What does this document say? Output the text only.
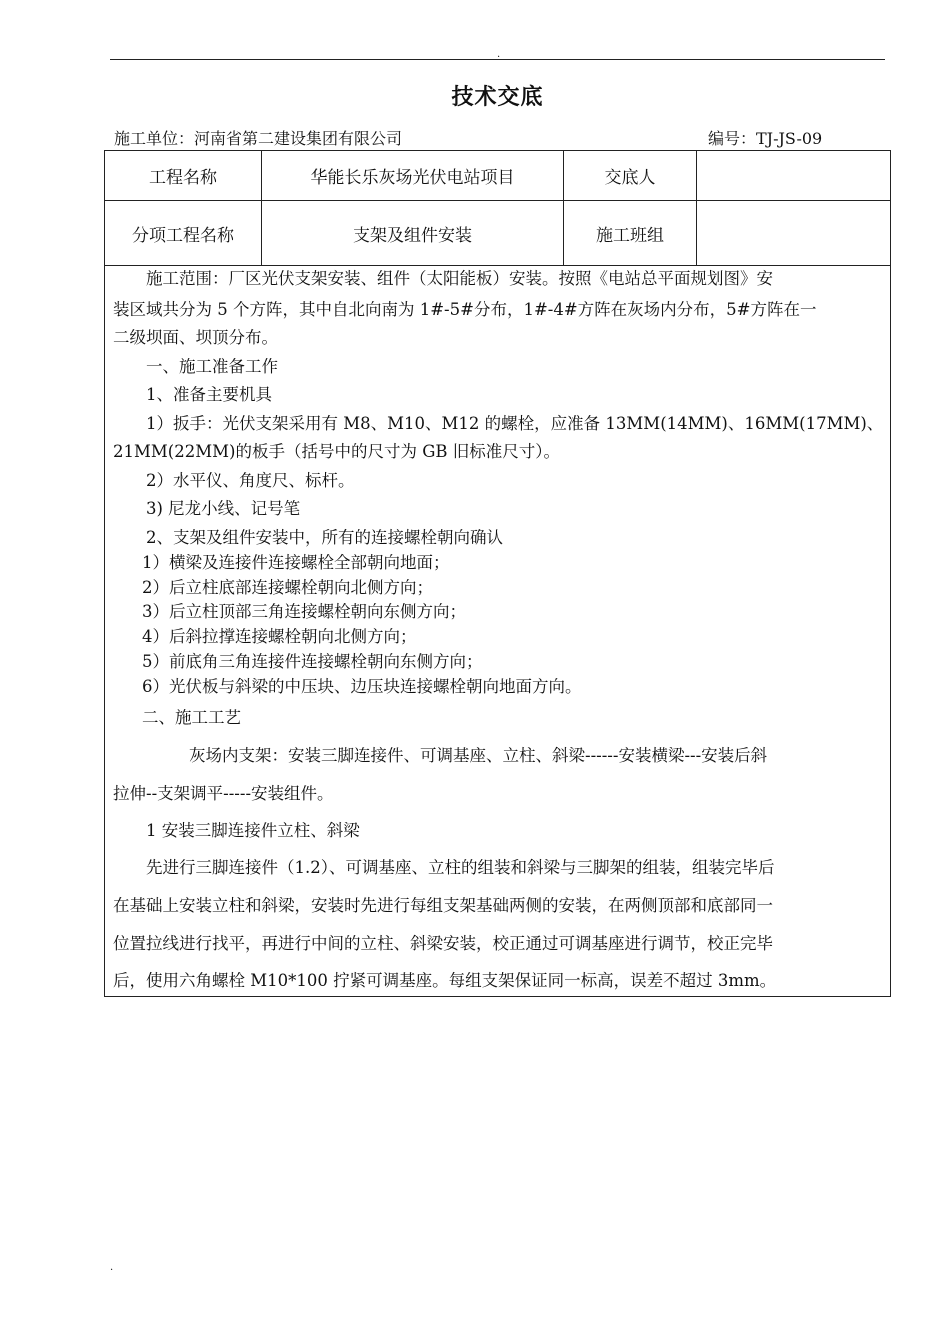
.
技术交底
施工单位：河南省第二建设集团有限公司	编号：TJ-JS-09
工程名称	华能长乐灰场光伏电站项目	交底人
分项工程名称	支架及组件安装	施工班组
施工范围：厂区光伏支架安装、组件（太阳能板）安装。按照《电站总平面规划图》安
装区域共分为 5 个方阵，其中自北向南为 1#-5#分布，1#-4#方阵在灰场内分布，5#方阵在一
二级坝面、坝顶分布。
一、施工准备工作
1、准备主要机具
1）扳手：光伏支架采用有 M8、M10、M12 的螺栓，应准备 13MM(14MM)、16MM(17MM)、
21MM(22MM)的板手（括号中的尺寸为 GB 旧标准尺寸）。
2）水平仪、角度尺、标杆。
3) 尼龙小线、记号笔
2、支架及组件安装中，所有的连接螺栓朝向确认
1）横梁及连接件连接螺栓全部朝向地面；
2）后立柱底部连接螺栓朝向北侧方向；
3）后立柱顶部三角连接螺栓朝向东侧方向；
4）后斜拉撑连接螺栓朝向北侧方向；
5）前底角三角连接件连接螺栓朝向东侧方向；
6）光伏板与斜梁的中压块、边压块连接螺栓朝向地面方向。
二、施工工艺
灰场内支架：安装三脚连接件、可调基座、立柱、斜梁------安装横梁---安装后斜
拉伸--支架调平-----安装组件。
1 安装三脚连接件立柱、斜梁
先进行三脚连接件（1.2）、可调基座、立柱的组装和斜梁与三脚架的组装，组装完毕后
在基础上安装立柱和斜梁，安装时先进行每组支架基础两侧的安装，在两侧顶部和底部同一
位置拉线进行找平，再进行中间的立柱、斜梁安装，校正通过可调基座进行调节，校正完毕
后，使用六角螺栓 M10*100 拧紧可调基座。每组支架保证同一标高，误差不超过 3mm。
.
